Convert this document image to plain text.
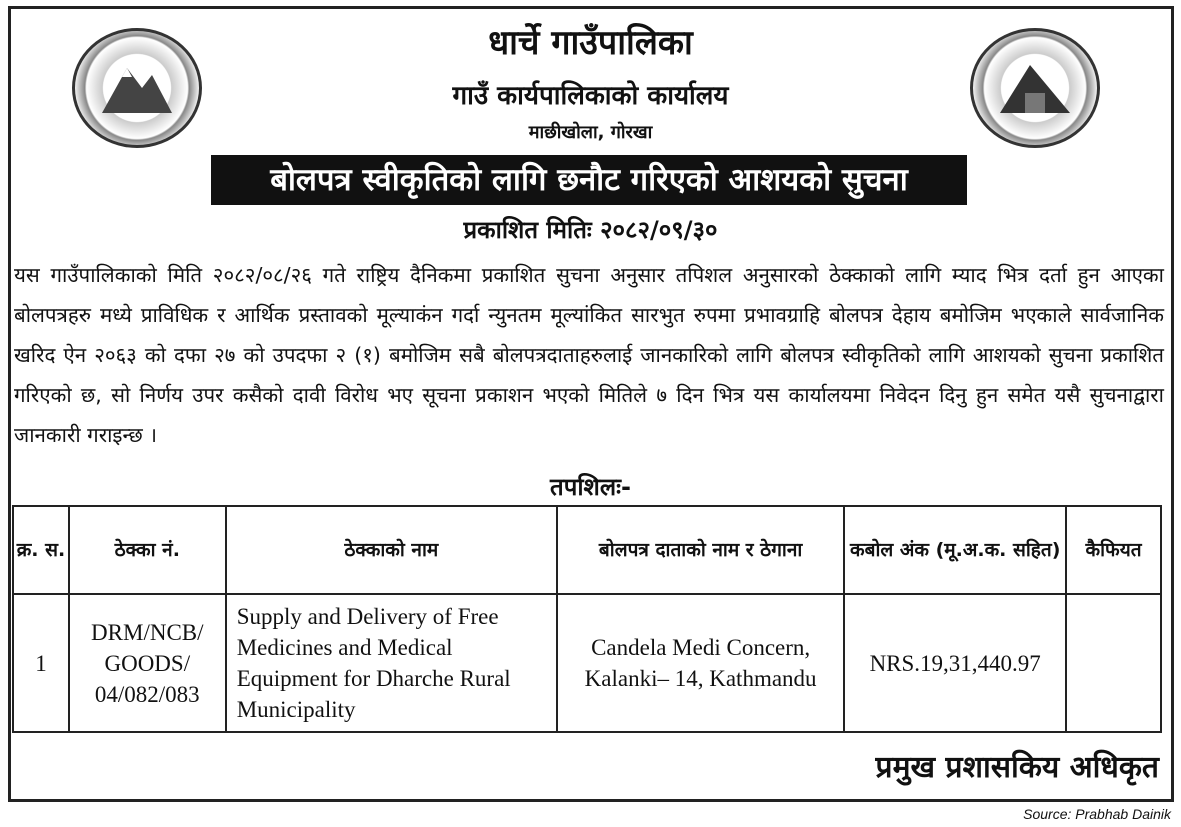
धार्चे गाउँपालिका
गाउँ कार्यपालिकाको कार्यालय
माछीखोला, गोरखा
बोलपत्र स्वीकृतिको लागि छनौट गरिएको आशयको सुचना
प्रकाशित मितिः २०८२/०९/३०
यस गाउँपालिकाको मिति २०८२/०८/२६ गते राष्ट्रिय दैनिकमा प्रकाशित सुचना अनुसार तपिशल अनुसारको ठेक्काको लागि म्याद भित्र दर्ता हुन आएका बोलपत्रहरु मध्ये प्राविधिक र आर्थिक प्रस्तावको मूल्याकंन गर्दा न्युनतम मूल्यांकित सारभुत रुपमा प्रभावग्राहि बोलपत्र देहाय बमोजिम भएकाले सार्वजानिक खरिद ऐन २०६३ को दफा २७ को उपदफा २ (१) बमोजिम सबै बोलपत्रदाताहरुलाई जानकारिको लागि बोलपत्र स्वीकृतिको लागि आशयको सुचना प्रकाशित गरिएको छ, सो निर्णय उपर कसैको दावी विरोध भए सूचना प्रकाशन भएको मितिले ७ दिन भित्र यस कार्यालयमा निवेदन दिनु हुन समेत यसै सुचनाद्वारा जानकारी गराइन्छ ।
तपशिलः-
क्र. स.	ठेक्का नं.	ठेक्काको नाम	बोलपत्र दाताको नाम र ठेगाना	कबोल अंक (मू.अ.क. सहित)	कैफियत
1	DRM/NCB/ GOODS/ 04/082/083	Supply and Delivery of Free Medicines and Medical Equipment for Dharche Rural Municipality	Candela Medi Concern, Kalanki– 14, Kathmandu	NRS.19,31,440.97	
प्रमुख प्रशासकिय अधिकृत
Source: Prabhab Dainik
